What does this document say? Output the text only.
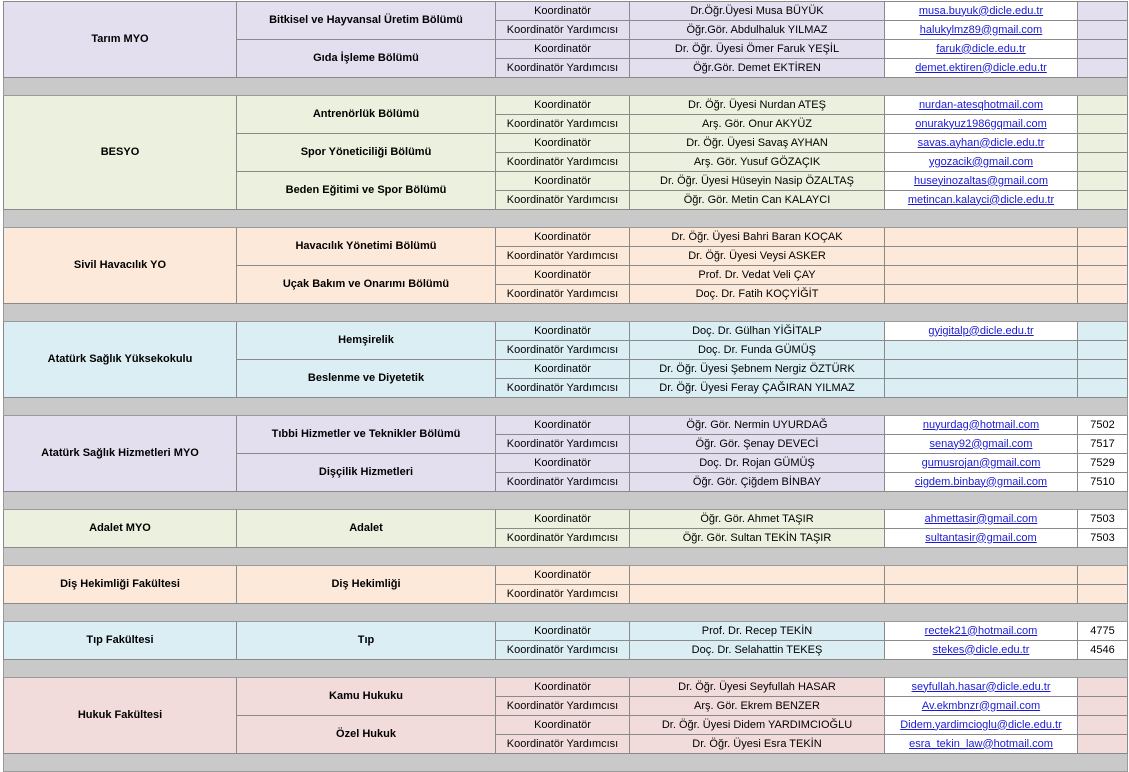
Tarım MYO	Bitkisel ve Hayvansal Üretim Bölümü	Koordinatör	Dr.Öğr.Üyesi Musa BÜYÜK	musa.buyuk@dicle.edu.tr	
		Koordinatör Yardımcısı	Öğr.Gör. Abdulhaluk YILMAZ	halukylmz89@gmail.com	
	Gıda İşleme Bölümü	Koordinatör	Dr. Öğr. Üyesi Ömer Faruk YEŞİL	faruk@dicle.edu.tr	
		Koordinatör Yardımcısı	Öğr.Gör. Demet EKTİREN	demet.ektiren@dicle.edu.tr	

BESYO	Antrenörlük Bölümü	Koordinatör	Dr. Öğr. Üyesi Nurdan ATEŞ	nurdan-atesqhotmail.com	
		Koordinatör Yardımcısı	Arş. Gör. Onur AKYÜZ	onurakyuz1986gqmail.com	
	Spor Yöneticiliği Bölümü	Koordinatör	Dr. Öğr. Üyesi Savaş AYHAN	savas.ayhan@dicle.edu.tr	
		Koordinatör Yardımcısı	Arş. Gör. Yusuf GÖZAÇIK	ygozacik@gmail.com	
	Beden Eğitimi ve Spor Bölümü	Koordinatör	Dr. Öğr. Üyesi Hüseyin Nasip ÖZALTAŞ	huseyinozaltas@gmail.com	
		Koordinatör Yardımcısı	Öğr. Gör. Metin Can KALAYCI	metincan.kalayci@dicle.edu.tr	

Sivil Havacılık YO	Havacılık Yönetimi Bölümü	Koordinatör	Dr. Öğr. Üyesi Bahri Baran KOÇAK		
		Koordinatör Yardımcısı	Dr. Öğr. Üyesi Veysi ASKER		
	Uçak Bakım ve Onarımı Bölümü	Koordinatör	Prof. Dr. Vedat Veli ÇAY		
		Koordinatör Yardımcısı	Doç. Dr. Fatih KOÇYİĞİT		

Atatürk Sağlık Yüksekokulu	Hemşirelik	Koordinatör	Doç. Dr. Gülhan YİĞİTALP	gyigitalp@dicle.edu.tr	
		Koordinatör Yardımcısı	Doç. Dr. Funda GÜMÜŞ		
	Beslenme ve Diyetetik	Koordinatör	Dr. Öğr. Üyesi Şebnem Nergiz ÖZTÜRK		
		Koordinatör Yardımcısı	Dr. Öğr. Üyesi Feray ÇAĞIRAN YILMAZ		

Atatürk Sağlık Hizmetleri MYO	Tıbbi Hizmetler ve Teknikler Bölümü	Koordinatör	Öğr. Gör. Nermin UYURDAĞ	nuyurdag@hotmail.com	7502
		Koordinatör Yardımcısı	Öğr. Gör. Şenay DEVECİ	senay92@gmail.com	7517
	Dişçilik Hizmetleri	Koordinatör	Doç. Dr. Rojan GÜMÜŞ	gumusrojan@gmail.com	7529
		Koordinatör Yardımcısı	Öğr. Gör. Çiğdem BİNBAY	cigdem.binbay@gmail.com	7510

Adalet MYO	Adalet	Koordinatör	Öğr. Gör. Ahmet TAŞIR	ahmettasir@gmail.com	7503
		Koordinatör Yardımcısı	Öğr. Gör. Sultan TEKİN TAŞIR	sultantasir@gmail.com	7503

Diş Hekimliği Fakültesi	Diş Hekimliği	Koordinatör			
		Koordinatör Yardımcısı			

Tıp Fakültesi	Tıp	Koordinatör	Prof. Dr. Recep TEKİN	rectek21@hotmail.com	4775
		Koordinatör Yardımcısı	Doç. Dr. Selahattin TEKEŞ	stekes@dicle.edu.tr	4546

Hukuk Fakültesi	Kamu Hukuku	Koordinatör	Dr. Öğr. Üyesi Seyfullah HASAR	seyfullah.hasar@dicle.edu.tr	
		Koordinatör Yardımcısı	Arş. Gör. Ekrem BENZER	Av.ekmbnzr@gmail.com	
	Özel Hukuk	Koordinatör	Dr. Öğr. Üyesi Didem YARDIMCIOĞLU	Didem.yardimcioglu@dicle.edu.tr	
		Koordinatör Yardımcısı	Dr. Öğr. Üyesi Esra TEKİN	esra_tekin_law@hotmail.com	
